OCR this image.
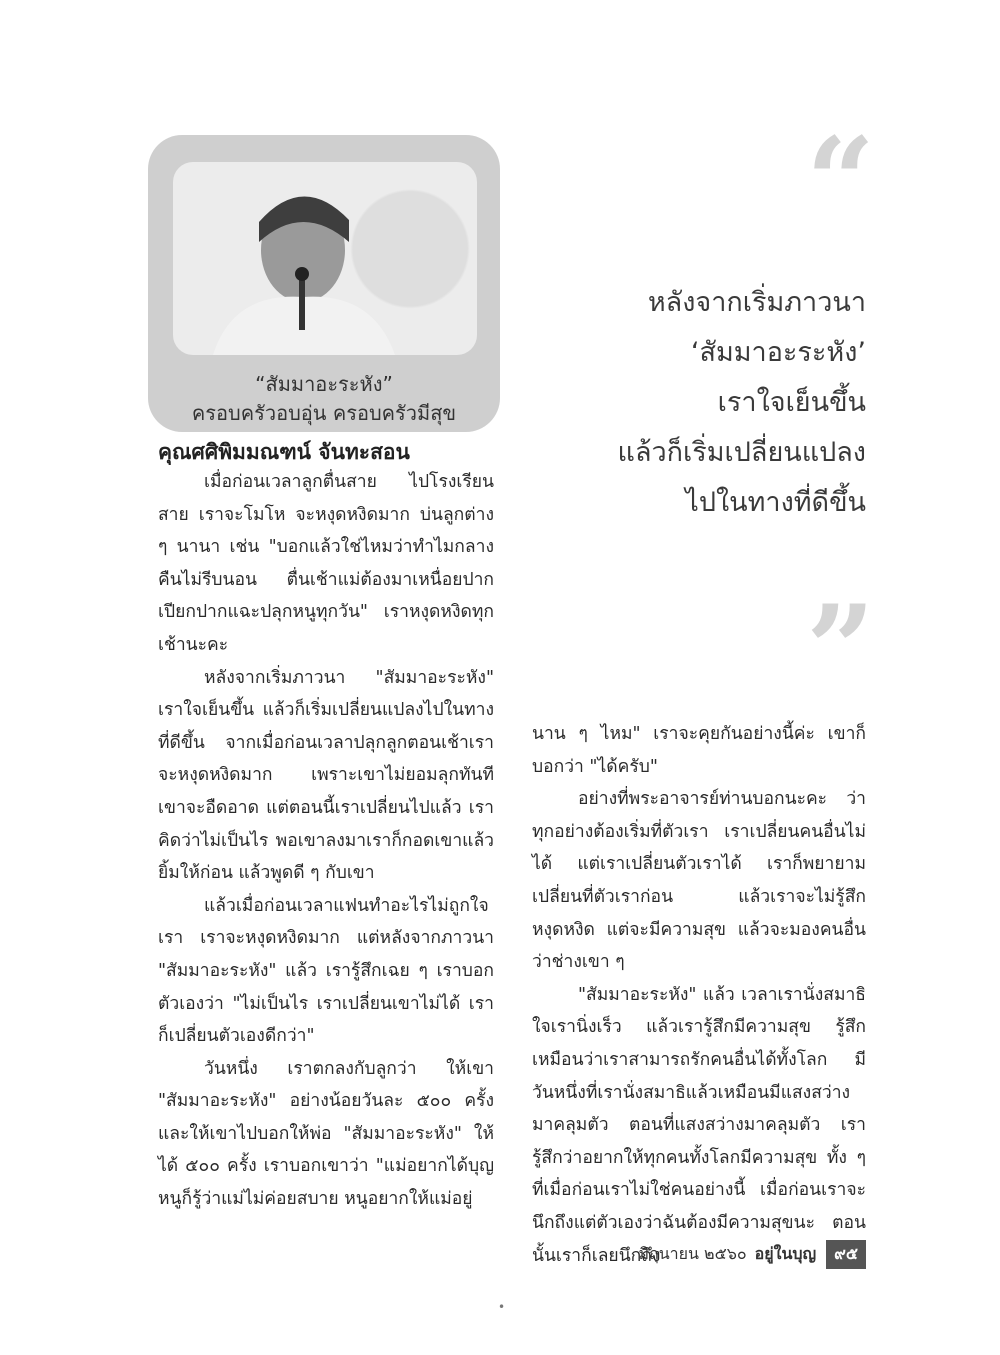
“สัมมาอะระหัง”
ครอบครัวอบอุ่น ครอบครัวมีสุข
คุณศศิพิมมณฑน์ จันทะสอน

เมื่อก่อนเวลาลูกตื่นสาย ไปโรงเรียนสาย เราจะโมโห จะหงุดหงิดมาก บ่นลูกต่าง ๆ นานา เช่น "บอกแล้วใช่ไหมว่าทำไมกลางคืนไม่รีบนอน ตื่นเช้าแม่ต้องมาเหนื่อยปากเปียกปากแฉะปลุกหนูทุกวัน" เราหงุดหงิดทุกเช้านะคะ

หลังจากเริ่มภาวนา "สัมมาอะระหัง" เราใจเย็นขึ้น แล้วก็เริ่มเปลี่ยนแปลงไปในทางที่ดีขึ้น จากเมื่อก่อนเวลาปลุกลูกตอนเช้าเราจะหงุดหงิดมาก เพราะเขาไม่ยอมลุกทันที เขาจะอืดอาด แต่ตอนนี้เราเปลี่ยนไปแล้ว เราคิดว่าไม่เป็นไร พอเขาลงมาเราก็กอดเขาแล้วยิ้มให้ก่อน แล้วพูดดี ๆ กับเขา

แล้วเมื่อก่อนเวลาแฟนทำอะไรไม่ถูกใจเรา เราจะหงุดหงิดมาก แต่หลังจากภาวนา "สัมมาอะระหัง" แล้ว เรารู้สึกเฉย ๆ เราบอกตัวเองว่า "ไม่เป็นไร เราเปลี่ยนเขาไม่ได้ เราก็เปลี่ยนตัวเองดีกว่า"

วันหนึ่ง เราตกลงกับลูกว่า ให้เขา "สัมมาอะระหัง" อย่างน้อยวันละ ๕๐๐ ครั้ง และให้เขาไปบอกให้พ่อ "สัมมาอะระหัง" ให้ได้ ๕๐๐ ครั้ง เราบอกเขาว่า "แม่อยากได้บุญ หนูก็รู้ว่าแม่ไม่ค่อยสบาย หนูอยากให้แม่อยู่

“
หลังจากเริ่มภาวนา
‘สัมมาอะระหัง’
เราใจเย็นขึ้น
แล้วก็เริ่มเปลี่ยนแปลง
ไปในทางที่ดีขึ้น
”

นาน ๆ ไหม" เราจะคุยกันอย่างนี้ค่ะ เขาก็บอกว่า "ได้ครับ"

อย่างที่พระอาจารย์ท่านบอกนะคะ ว่าทุกอย่างต้องเริ่มที่ตัวเรา เราเปลี่ยนคนอื่นไม่ได้ แต่เราเปลี่ยนตัวเราได้ เราก็พยายามเปลี่ยนที่ตัวเราก่อน แล้วเราจะไม่รู้สึกหงุดหงิด แต่จะมีความสุข แล้วจะมองคนอื่นว่าช่างเขา ๆ

"สัมมาอะระหัง" แล้ว เวลาเรานั่งสมาธิใจเรานิ่งเร็ว แล้วเรารู้สึกมีความสุข รู้สึกเหมือนว่าเราสามารถรักคนอื่นได้ทั้งโลก มีวันหนึ่งที่เรานั่งสมาธิแล้วเหมือนมีแสงสว่างมาคลุมตัว ตอนที่แสงสว่างมาคลุมตัว เรารู้สึกว่าอยากให้ทุกคนทั้งโลกมีความสุข ทั้ง ๆ ที่เมื่อก่อนเราไม่ใช่คนอย่างนี้ เมื่อก่อนเราจะนึกถึงแต่ตัวเองว่าฉันต้องมีความสุขนะ ตอนนั้นเราก็เลยนึกถึง

มิถุนายน ๒๕๖๐ อยู่ในบุญ	๙๕
•
